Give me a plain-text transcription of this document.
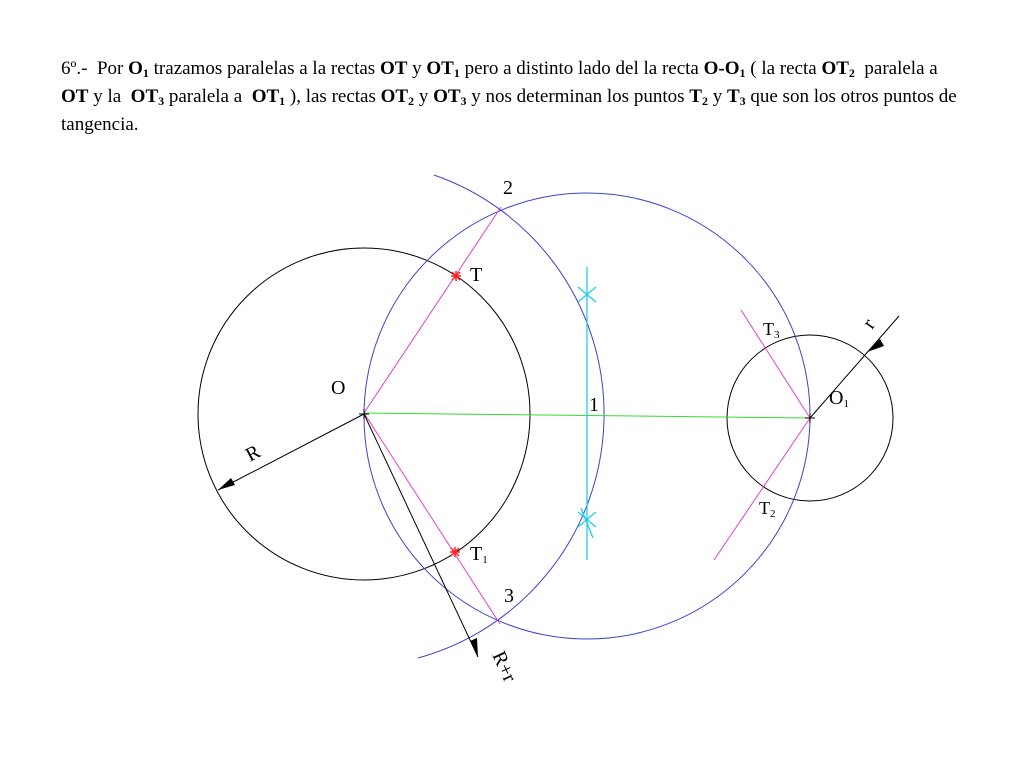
6º.- Por $O_1$ trazamos paralelas a la rectas OT y $OT_1$ pero a distinto lado del la recta $O-O_1$ ( la recta $OT_2$ paralela a OT y la $OT_3$ paralela a $OT_1$ ), las rectas $OT_2$ y $OT_3$ y nos determinan los puntos $T_2$ y $T_3$ que son los otros puntos de tangencia.

O
T
T1
2
3
1	O1
T3
T2
R
r
R+r
